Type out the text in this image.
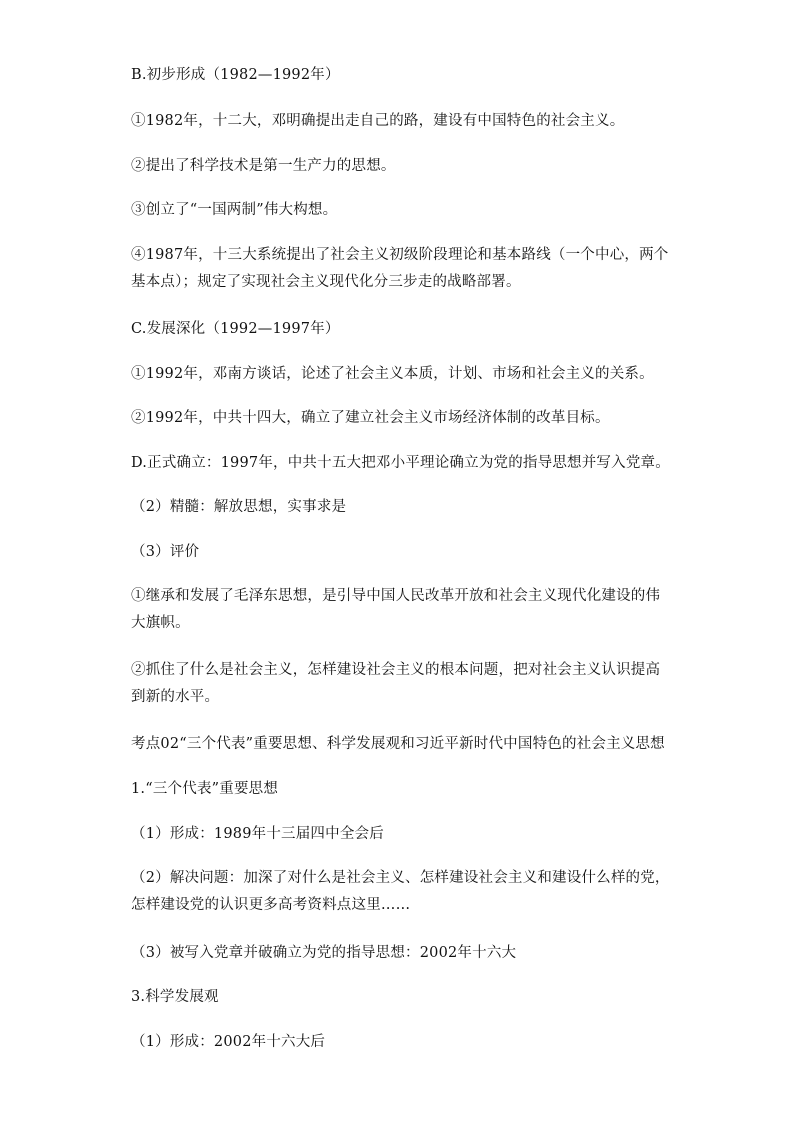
B.初步形成（1982—1992年）
①1982年，十二大，邓明确提出走自己的路，建设有中国特色的社会主义。
②提出了科学技术是第一生产力的思想。
③创立了“一国两制”伟大构想。
④1987年，十三大系统提出了社会主义初级阶段理论和基本路线（一个中心，两个基本点）；规定了实现社会主义现代化分三步走的战略部署。
C.发展深化（1992—1997年）
①1992年，邓南方谈话，论述了社会主义本质，计划、市场和社会主义的关系。
②1992年，中共十四大，确立了建立社会主义市场经济体制的改革目标。
D.正式确立：1997年，中共十五大把邓小平理论确立为党的指导思想并写入党章。
（2）精髓：解放思想，实事求是
（3）评价
①继承和发展了毛泽东思想，是引导中国人民改革开放和社会主义现代化建设的伟大旗帜。
②抓住了什么是社会主义，怎样建设社会主义的根本问题，把对社会主义认识提高到新的水平。
考点02“三个代表”重要思想、科学发展观和习近平新时代中国特色的社会主义思想
1.“三个代表”重要思想
（1）形成：1989年十三届四中全会后
（2）解决问题：加深了对什么是社会主义、怎样建设社会主义和建设什么样的党，怎样建设党的认识更多高考资料点这里……
（3）被写入党章并破确立为党的指导思想：2002年十六大
3.科学发展观
（1）形成：2002年十六大后
